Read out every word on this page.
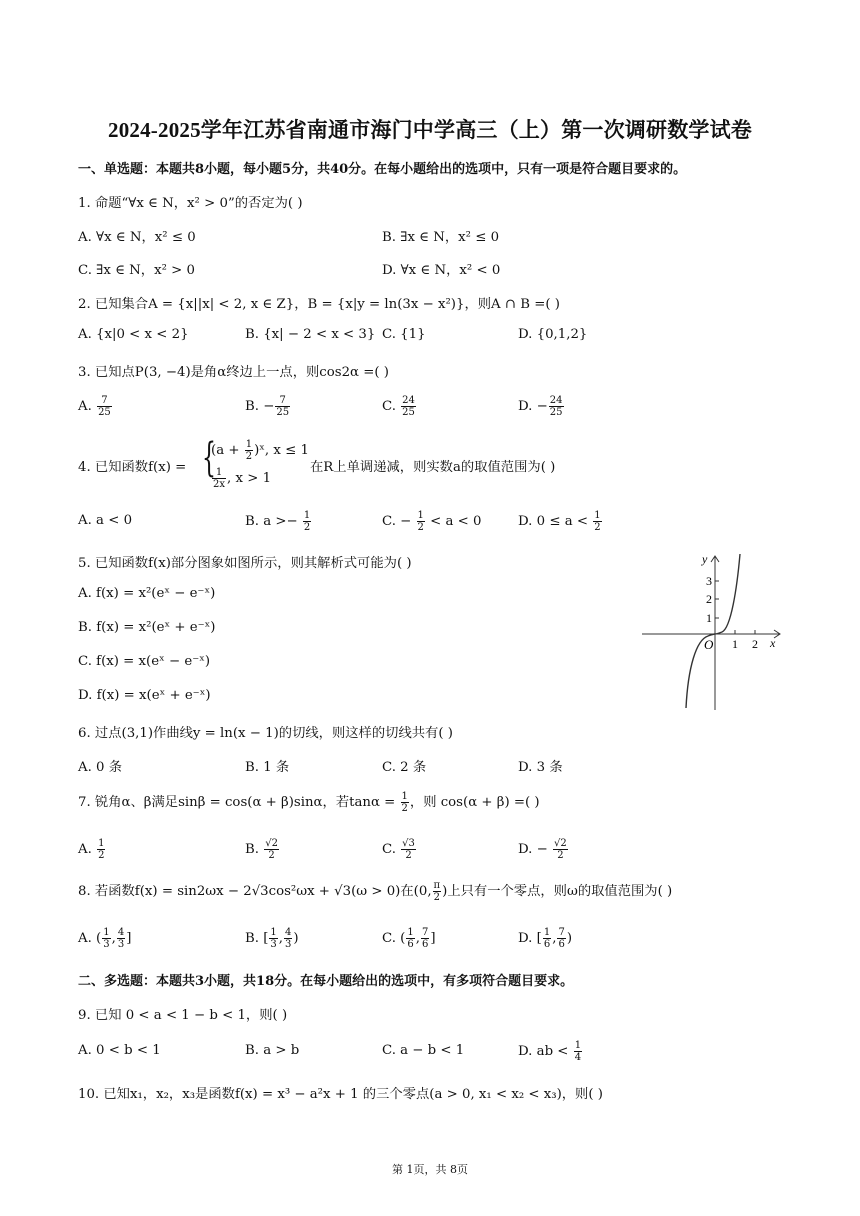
2024-2025学年江苏省南通市海门中学高三（上）第一次调研数学试卷
一、单选题：本题共8小题，每小题5分，共40分。在每小题给出的选项中，只有一项是符合题目要求的。
1. 命题“∀x ∈ N，x² > 0”的否定为( )
A. ∀x ∈ N，x² ≤ 0	B. ∃x ∈ N，x² ≤ 0
C. ∃x ∈ N，x² > 0	D. ∀x ∈ N，x² < 0
2. 已知集合A = {x||x| < 2, x ∈ Z}，B = {x|y = ln(3x − x²)}，则A ∩ B =( )
A. {x|0 < x < 2}	B. {x| − 2 < x < 3} C. {1}	D. {0,1,2}
3. 已知点P(3, −4)是角α终边上一点，则cos2α =( )
A. $\frac{7}{25}$	B. − $\frac{7}{25}$	C. $\frac{24}{25}$	D. − $\frac{24}{25}$
4. 已知函数f(x) = {
($a + \frac{1}{2}$ )ˣ, x ≤ 1
$\frac{1}{2x}$ , x > 1
在R上单调递减，则实数a的取值范围为( )
A. a < 0	B. $a >- \frac{1}{2}$	C. − $\frac{1}{2} < a < 0$	D. $0 \le a < \frac{1}{2}$
5. 已知函数f(x)部分图象如图所示，则其解析式可能为( )
A. f(x) = x²(eˣ − e⁻ˣ)
B. f(x) = x²(eˣ + e⁻ˣ)
C. f(x) = x(eˣ − e⁻ˣ)
D. f(x) = x(eˣ + e⁻ˣ)
y
x
O
1
2
3
1 2
6. 过点(3,1)作曲线y = ln(x − 1)的切线，则这样的切线共有( )
A. 0 条	B. 1 条	C. 2 条	D. 3 条
7. 锐角α、β满足sinβ = cos(α + β)sinα，若$\tan\alpha = \frac{1}{2}$ ，则 cos(α + β) =( )
A. $\frac{1}{2}$	B. $\frac{√2}{2}$	C. $\frac{√3}{2}$	D. − $\frac{√2}{2}$
8. 若函数f(x) = sin2ωx − 2√3cos²ωx + √3(ω > 0)在(0, $\frac{\pi}{2}$ )上只有一个零点，则ω的取值范围为( )
A. ( $\frac{1}{3}$ , $\frac{4}{3}$ ]	B. [ $\frac{1}{3}$ , $\frac{4}{3}$ )	C. ( $\frac{1}{6}$ , $\frac{7}{6}$ ]	D. [ $\frac{1}{6}$ , $\frac{7}{6}$ )
二、多选题：本题共3小题，共18分。在每小题给出的选项中，有多项符合题目要求。
9. 已知 0 < a < 1 − b < 1，则( )
A. 0 < b < 1	B. a > b	C. a − b < 1	D. ab < $\frac{1}{4}$
10. 已知x₁，x₂，x₃是函数f(x) = x³ − a²x + 1 的三个零点(a > 0, x₁ < x₂ < x₃)，则( )
第 1页，共 8页
